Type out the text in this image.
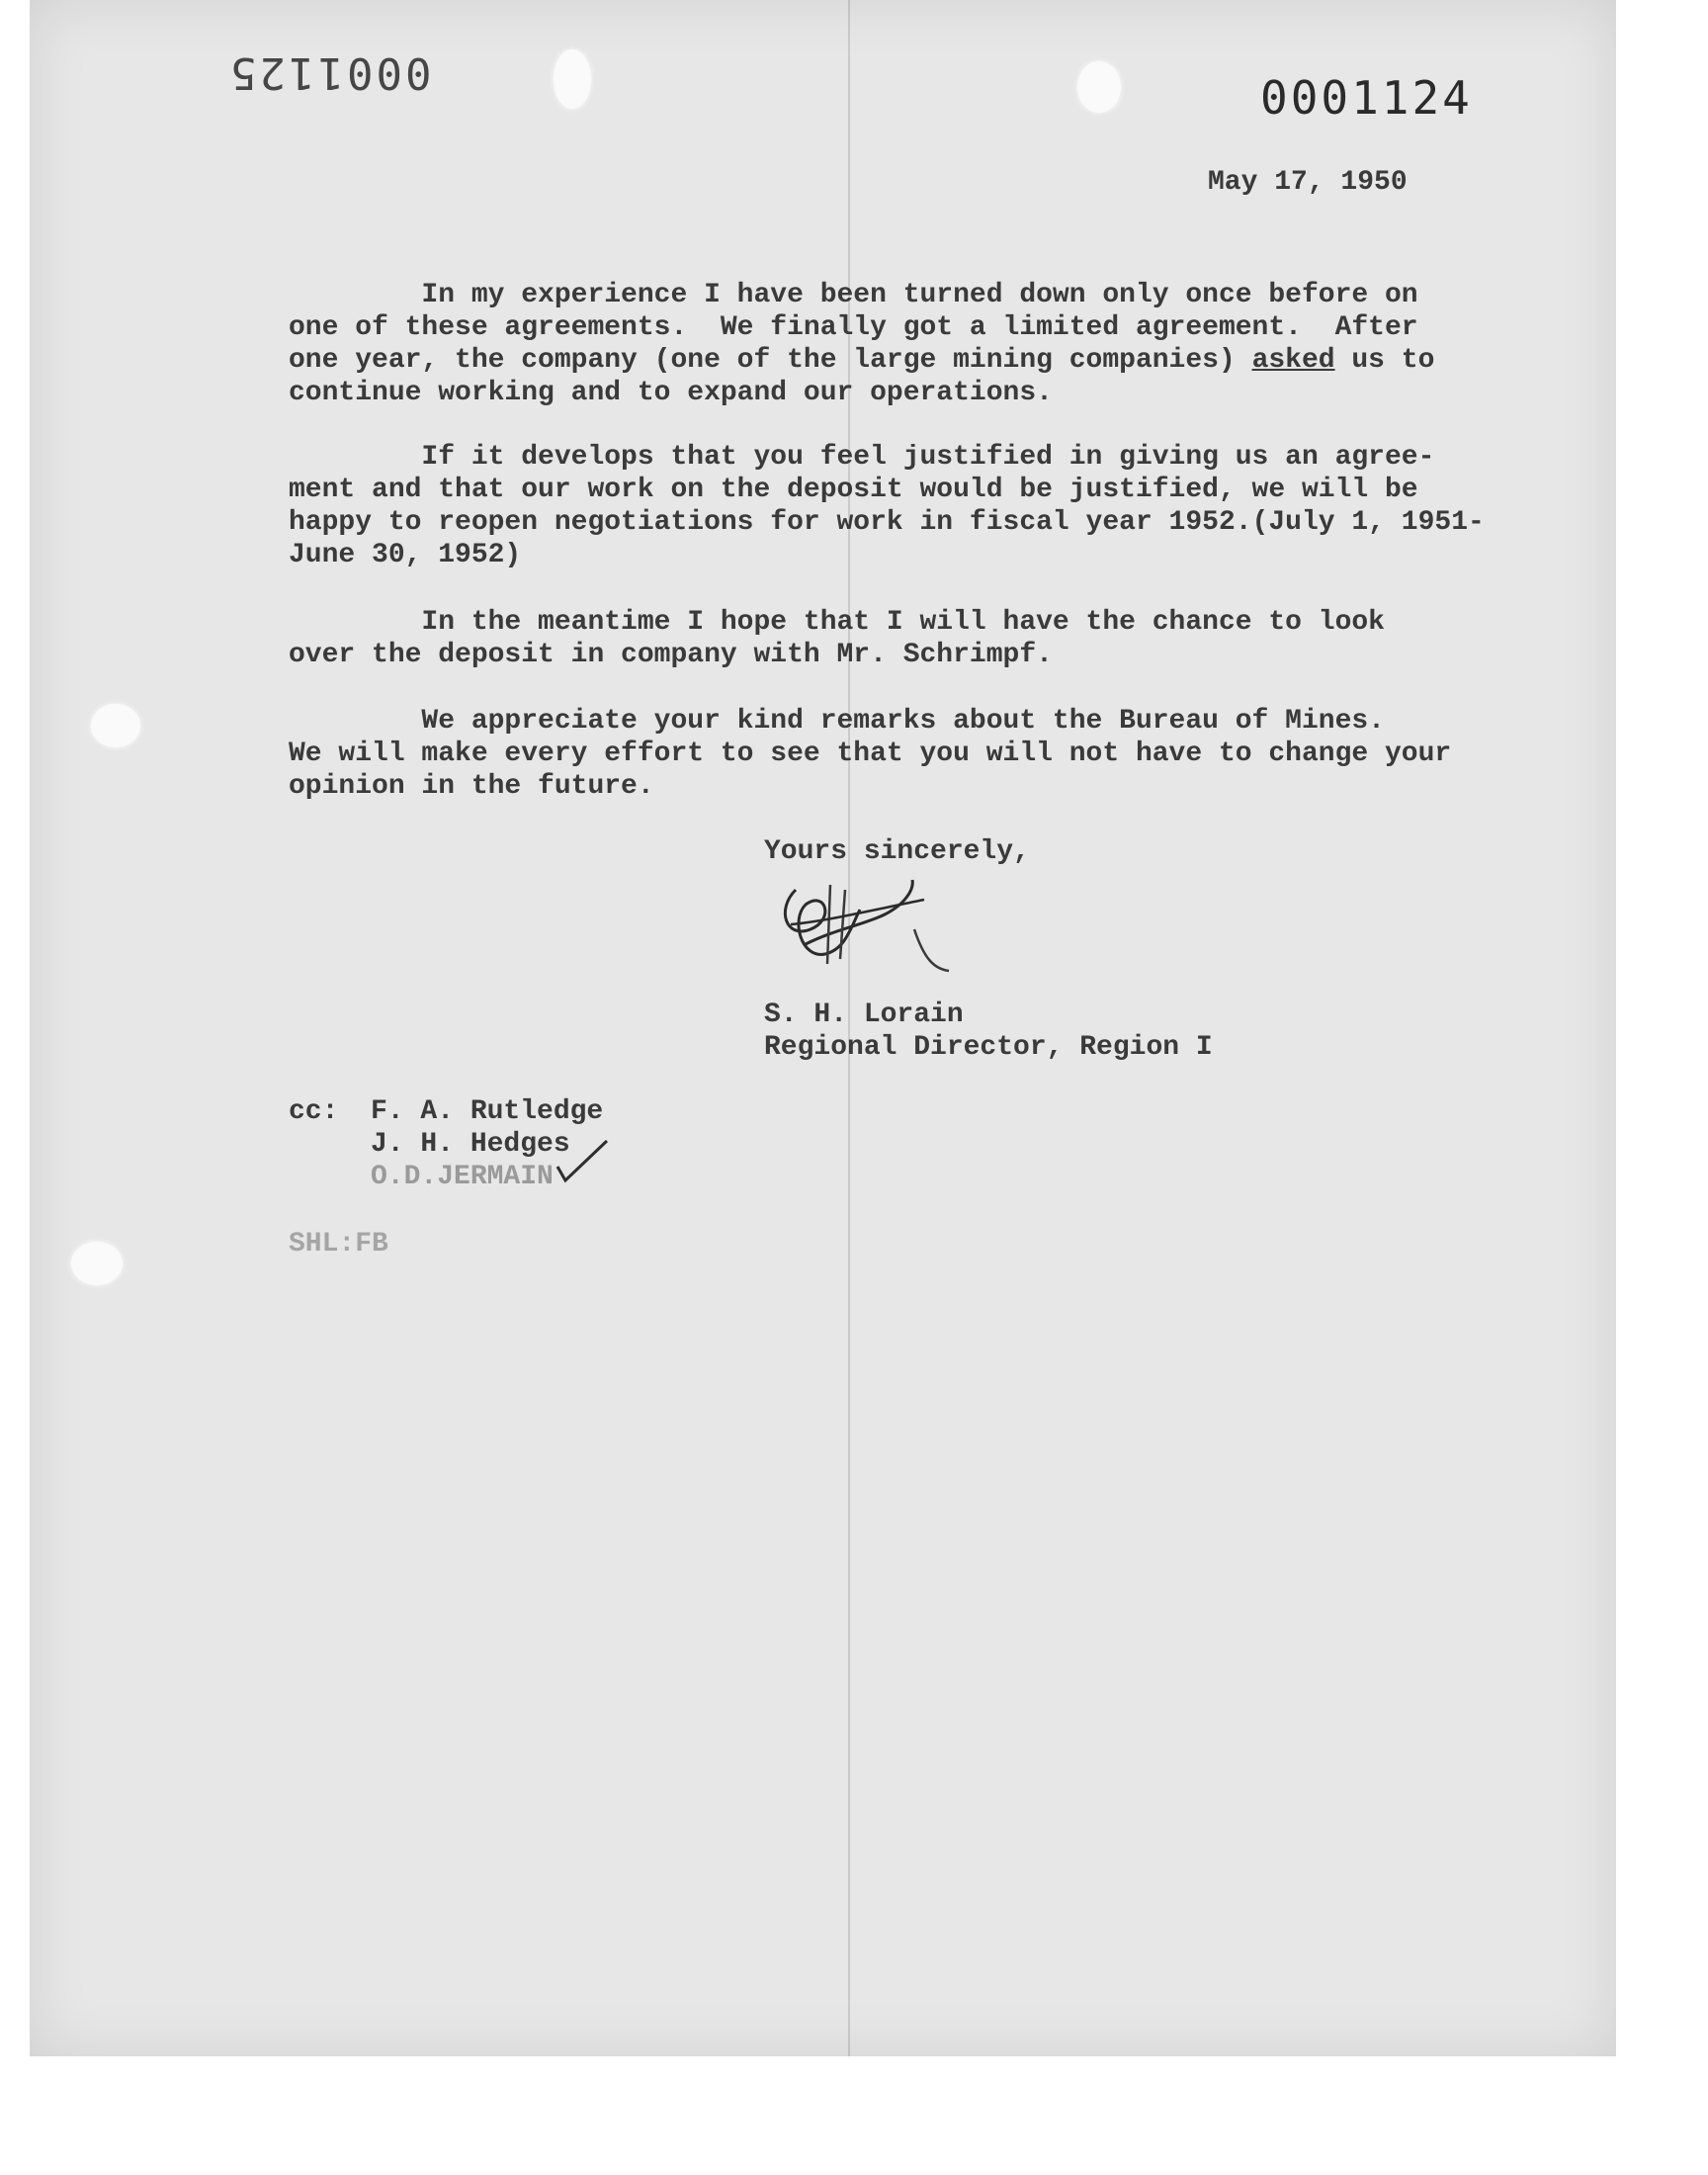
0001125	0001124
May 17, 1950
In my experience I have been turned down only once before on
one of these agreements.  We finally got a limited agreement.  After
one year, the company (one of the large mining companies) asked us to
continue working and to expand our operations.
If it develops that you feel justified in giving us an agree-
ment and that our work on the deposit would be justified, we will be
happy to reopen negotiations for work in fiscal year 1952.(July 1, 1951-
June 30, 1952)
In the meantime I hope that I will have the chance to look
over the deposit in company with Mr. Schrimpf.
We appreciate your kind remarks about the Bureau of Mines.
We will make every effort to see that you will not have to change your
opinion in the future.
Yours sincerely,
S. H. Lorain
Regional Director, Region I
cc: F. A. Rutledge
J. H. Hedges
O.D.JERMAIN
SHL:FB
